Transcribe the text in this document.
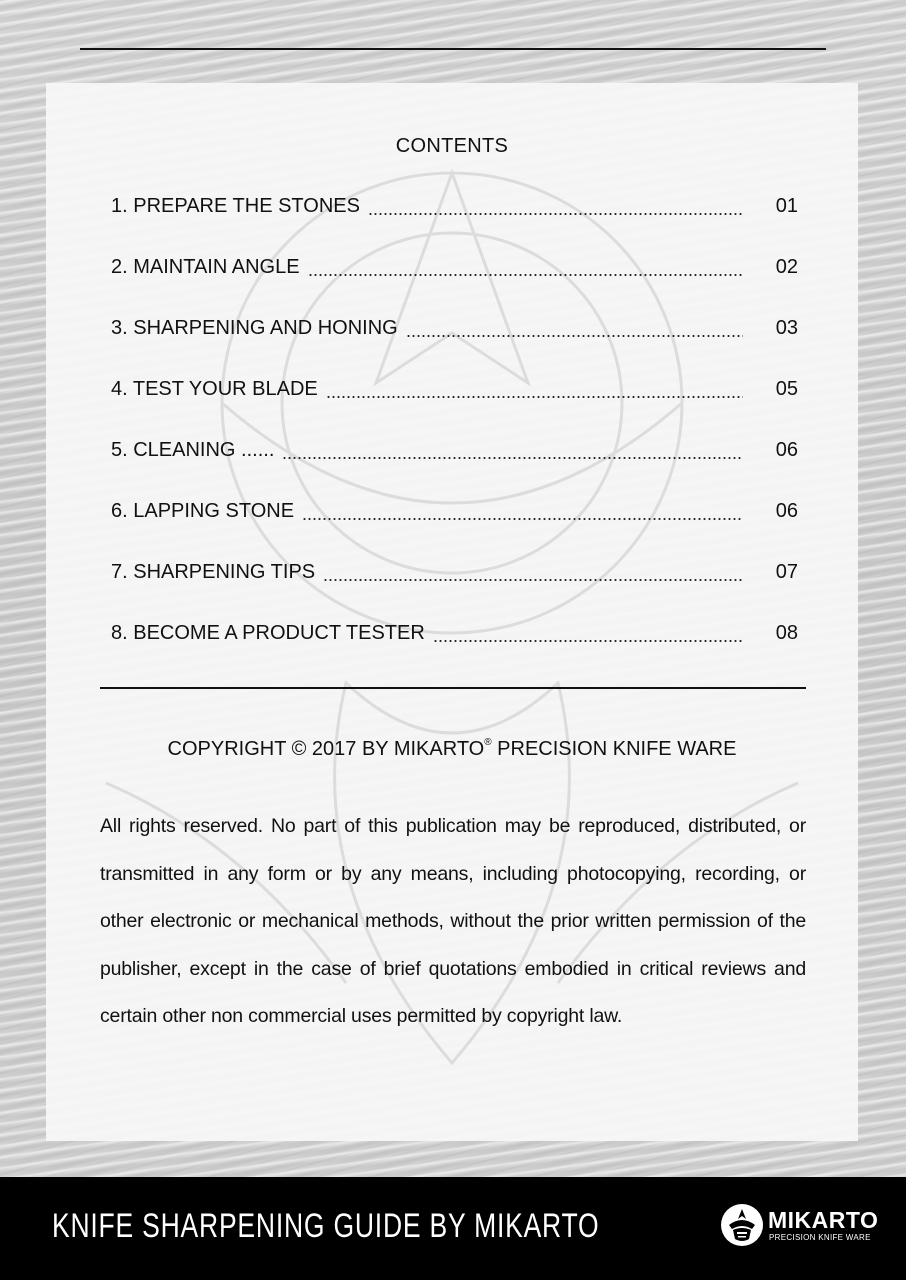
CONTENTS
1. PREPARE THE STONES	01
2. MAINTAIN ANGLE	02
3. SHARPENING AND HONING	03
4. TEST YOUR BLADE	05
5. CLEANING ......	06
6. LAPPING STONE	06
7. SHARPENING TIPS	07
8. BECOME A PRODUCT TESTER	08
COPYRIGHT © 2017 BY MIKARTO® PRECISION KNIFE WARE
All rights reserved. No part of this publication may be reproduced, distributed, or transmitted in any form or by any means, including photocopying, recording, or other electronic or mechanical methods, without the prior written permission of the publisher, except in the case of brief quotations embodied in critical reviews and certain other non commercial uses permitted by copyright law.
KNIFE SHARPENING GUIDE BY MIKARTO	MIKARTO
PRECISION KNIFE WARE
